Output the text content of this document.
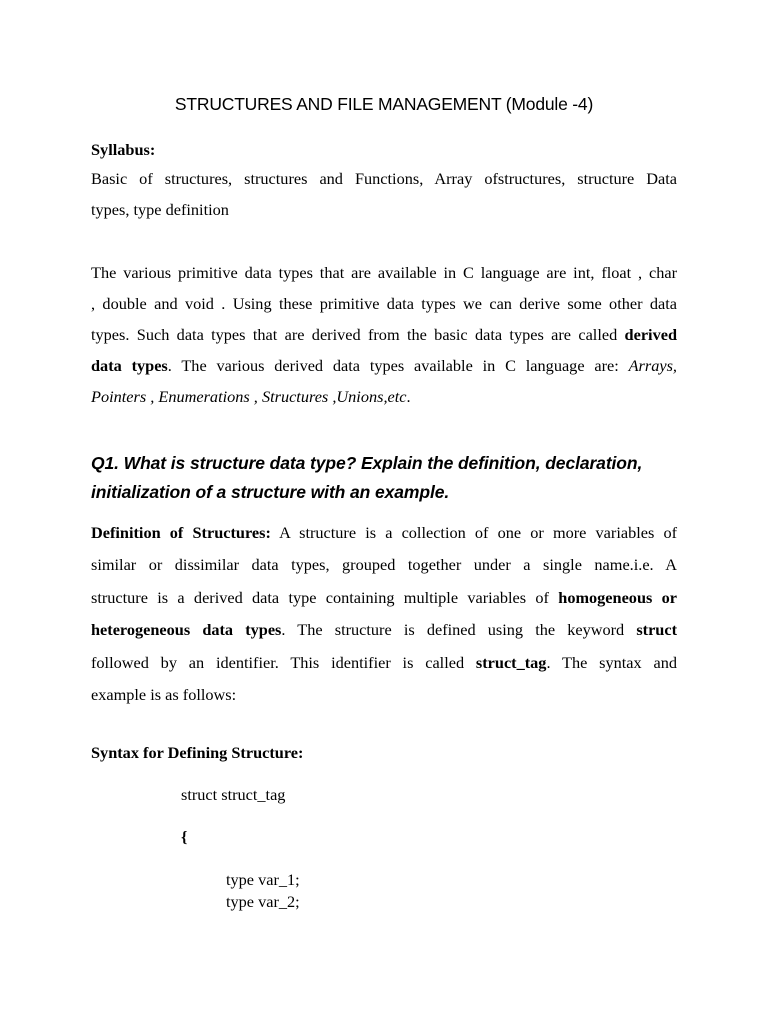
STRUCTURES AND FILE MANAGEMENT (Module -4)
Syllabus:
Basic of structures, structures and Functions, Array ofstructures, structure Data
types, type definition
The various primitive data types that are available in C language are int, float , char
, double and void . Using these primitive data types we can derive some other data
types. Such data types that are derived from the basic data types are called derived
data types. The various derived data types available in C language are: Arrays,
Pointers , Enumerations , Structures ,Unions,etc.
Q1. What is structure data type? Explain the definition, declaration,
initialization of a structure with an example.
Definition of Structures: A structure is a collection of one or more variables of
similar or dissimilar data types, grouped together under a single name.i.e. A
structure is a derived data type containing multiple variables of homogeneous or
heterogeneous data types. The structure is defined using the keyword struct
followed by an identifier. This identifier is called struct_tag. The syntax and
example is as follows:
Syntax for Defining Structure:
struct struct_tag
{
type var_1;
type var_2;
